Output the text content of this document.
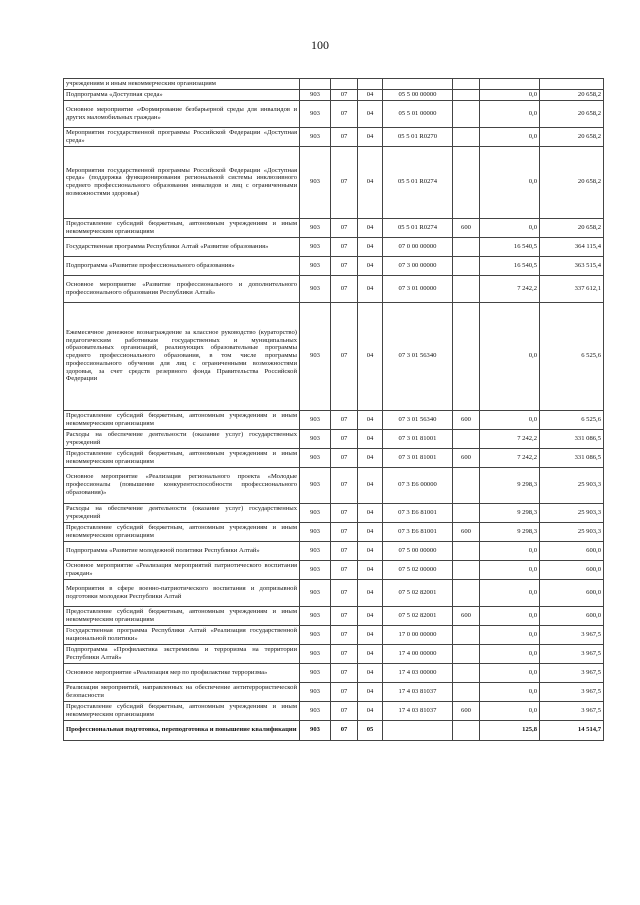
100
учреждениям и иным некоммерческим организациям							
Подпрограмма «Доступная среда»	903	07	04	05 5 00 00000		0,0	20 658,2
Основное мероприятие «Формирование безбарьерной среды для инвалидов и других маломобильных граждан»	903	07	04	05 5 01 00000		0,0	20 658,2
Мероприятия государственной программы Российской Федерации «Доступная среда»	903	07	04	05 5 01 R0270		0,0	20 658,2
Мероприятия государственной программы Российской Федерации «Доступная среда» (поддержка функционирования региональной системы инклюзивного среднего профессионального образования инвалидов и лиц с ограниченными возможностями здоровья)	903	07	04	05 5 01 R0274		0,0	20 658,2
Предоставление субсидий бюджетным, автономным учреждениям и иным некоммерческим организациям	903	07	04	05 5 01 R0274	600	0,0	20 658,2
Государственная программа Республики Алтай «Развитие образования»	903	07	04	07 0 00 00000		16 540,5	364 115,4
Подпрограмма «Развитие профессионального образования»	903	07	04	07 3 00 00000		16 540,5	363 515,4
Основное мероприятие «Развитие профессионального и дополнительного профессионального образования Республики Алтай»	903	07	04	07 3 01 00000		7 242,2	337 612,1
Ежемесячное денежное вознаграждение за классное руководство (кураторство) педагогическим работникам государственных и муниципальных образовательных организаций, реализующих образовательные программы среднего профессионального образования, в том числе программы профессионального обучения для лиц с ограниченными возможностями здоровья, за счет средств резервного фонда Правительства Российской Федерации	903	07	04	07 3 01 56340		0,0	6 525,6
Предоставление субсидий бюджетным, автономным учреждениям и иным некоммерческим организациям	903	07	04	07 3 01 56340	600	0,0	6 525,6
Расходы на обеспечение деятельности (оказание услуг) государственных учреждений	903	07	04	07 3 01 81001		7 242,2	331 086,5
Предоставление субсидий бюджетным, автономным учреждениям и иным некоммерческим организациям	903	07	04	07 3 01 81001	600	7 242,2	331 086,5
Основное мероприятие «Реализация регионального проекта «Молодые профессионалы (повышение конкурентоспособности профессионального образования)»	903	07	04	07 3 E6 00000		9 298,3	25 903,3
Расходы на обеспечение деятельности (оказание услуг) государственных учреждений	903	07	04	07 3 E6 81001		9 298,3	25 903,3
Предоставление субсидий бюджетным, автономным учреждениям и иным некоммерческим организациям	903	07	04	07 3 E6 81001	600	9 298,3	25 903,3
Подпрограмма «Развитие молодежной политики Республики Алтай»	903	07	04	07 5 00 00000		0,0	600,0
Основное мероприятие «Реализация мероприятий патриотического воспитания граждан»	903	07	04	07 5 02 00000		0,0	600,0
Мероприятия в сфере военно-патриотического воспитания и допризывной подготовки молодежи Республики Алтай	903	07	04	07 5 02 82001		0,0	600,0
Предоставление субсидий бюджетным, автономным учреждениям и иным некоммерческим организациям	903	07	04	07 5 02 82001	600	0,0	600,0
Государственная программа Республики Алтай «Реализация государственной национальной политики»	903	07	04	17 0 00 00000		0,0	3 967,5
Подпрограмма «Профилактика экстремизма и терроризма на территории Республики Алтай»	903	07	04	17 4 00 00000		0,0	3 967,5
Основное мероприятие «Реализация мер по профилактике терроризма»	903	07	04	17 4 03 00000		0,0	3 967,5
Реализация мероприятий, направленных на обеспечение антитеррористической безопасности	903	07	04	17 4 03 81037		0,0	3 967,5
Предоставление субсидий бюджетным, автономным учреждениям и иным некоммерческим организациям	903	07	04	17 4 03 81037	600	0,0	3 967,5
Профессиональная подготовка, переподготовка и повышение квалификации	903	07	05			125,8	14 514,7
